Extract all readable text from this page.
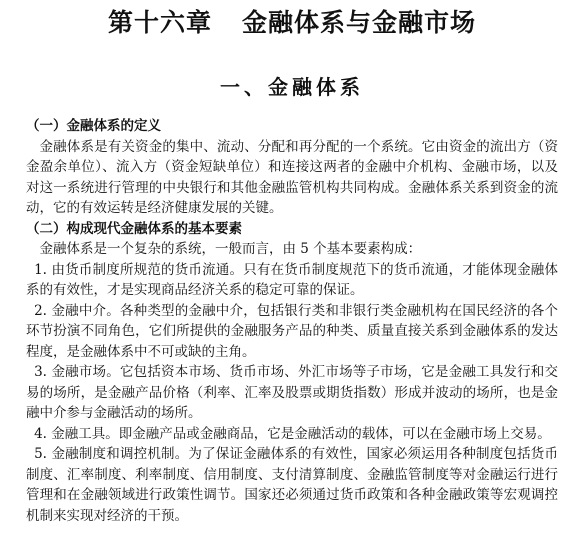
第十六章 金融体系与金融市场
一、金融体系
（一）金融体系的定义

金融体系是有关资金的集中、流动、分配和再分配的一个系统。它由资金的流出方（资金盈余单位）、流入方（资金短缺单位）和连接这两者的金融中介机构、金融市场，以及对这一系统进行管理的中央银行和其他金融监管机构共同构成。金融体系关系到资金的流动，它的有效运转是经济健康发展的关键。

（二）构成现代金融体系的基本要素

金融体系是一个复杂的系统，一般而言，由 5 个基本要素构成：

1. 由货币制度所规范的货币流通。只有在货币制度规范下的货币流通，才能体现金融体系的有效性，才是实现商品经济关系的稳定可靠的保证。

2. 金融中介。各种类型的金融中介，包括银行类和非银行类金融机构在国民经济的各个环节扮演不同角色，它们所提供的金融服务产品的种类、质量直接关系到金融体系的发达程度，是金融体系中不可或缺的主角。

3. 金融市场。它包括资本市场、货币市场、外汇市场等子市场，它是金融工具发行和交易的场所，是金融产品价格（利率、汇率及股票或期货指数）形成并波动的场所，也是金融中介参与金融活动的场所。

4. 金融工具。即金融产品或金融商品，它是金融活动的载体，可以在金融市场上交易。

5. 金融制度和调控机制。为了保证金融体系的有效性，国家必须运用各种制度包括货币制度、汇率制度、利率制度、信用制度、支付清算制度、金融监管制度等对金融运行进行管理和在金融领域进行政策性调节。国家还必须通过货币政策和各种金融政策等宏观调控机制来实现对经济的干预。
